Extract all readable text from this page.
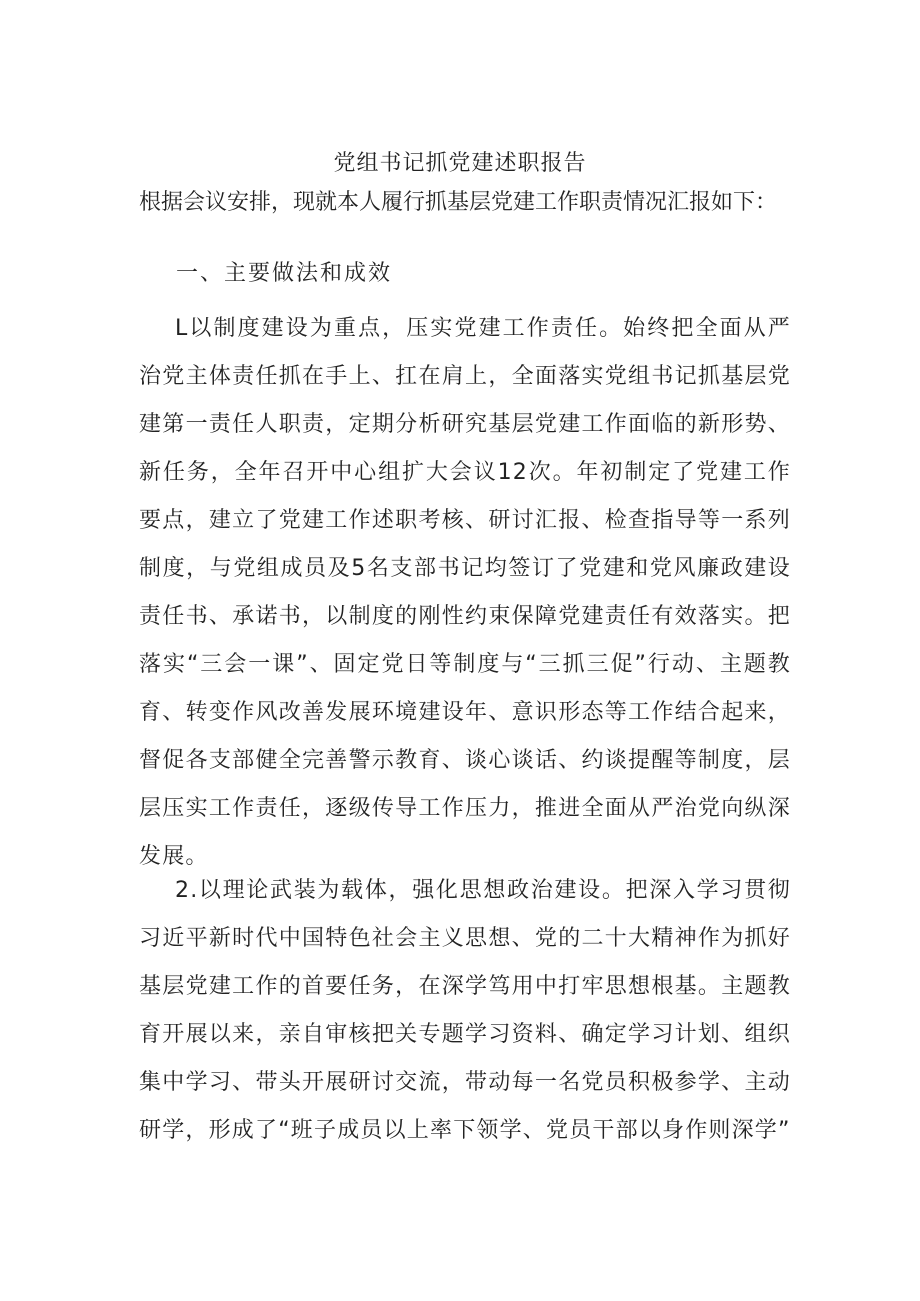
党组书记抓党建述职报告
根据会议安排，现就本人履行抓基层党建工作职责情况汇报如下：
一、主要做法和成效
L以制度建设为重点，压实党建工作责任。始终把全面从严治党主体责任抓在手上、扛在肩上，全面落实党组书记抓基层党建第一责任人职责，定期分析研究基层党建工作面临的新形势、新任务，全年召开中心组扩大会议12次。年初制定了党建工作要点，建立了党建工作述职考核、研讨汇报、检查指导等一系列制度，与党组成员及5名支部书记均签订了党建和党风廉政建设责任书、承诺书，以制度的刚性约束保障党建责任有效落实。把落实“三会一课”、固定党日等制度与“三抓三促”行动、主题教育、转变作风改善发展环境建设年、意识形态等工作结合起来，督促各支部健全完善警示教育、谈心谈话、约谈提醒等制度，层层压实工作责任，逐级传导工作压力，推进全面从严治党向纵深发展。
2.以理论武装为载体，强化思想政治建设。把深入学习贯彻习近平新时代中国特色社会主义思想、党的二十大精神作为抓好基层党建工作的首要任务，在深学笃用中打牢思想根基。主题教育开展以来，亲自审核把关专题学习资料、确定学习计划、组织集中学习、带头开展研讨交流，带动每一名党员积极参学、主动研学，形成了“班子成员以上率下领学、党员干部以身作则深学”
